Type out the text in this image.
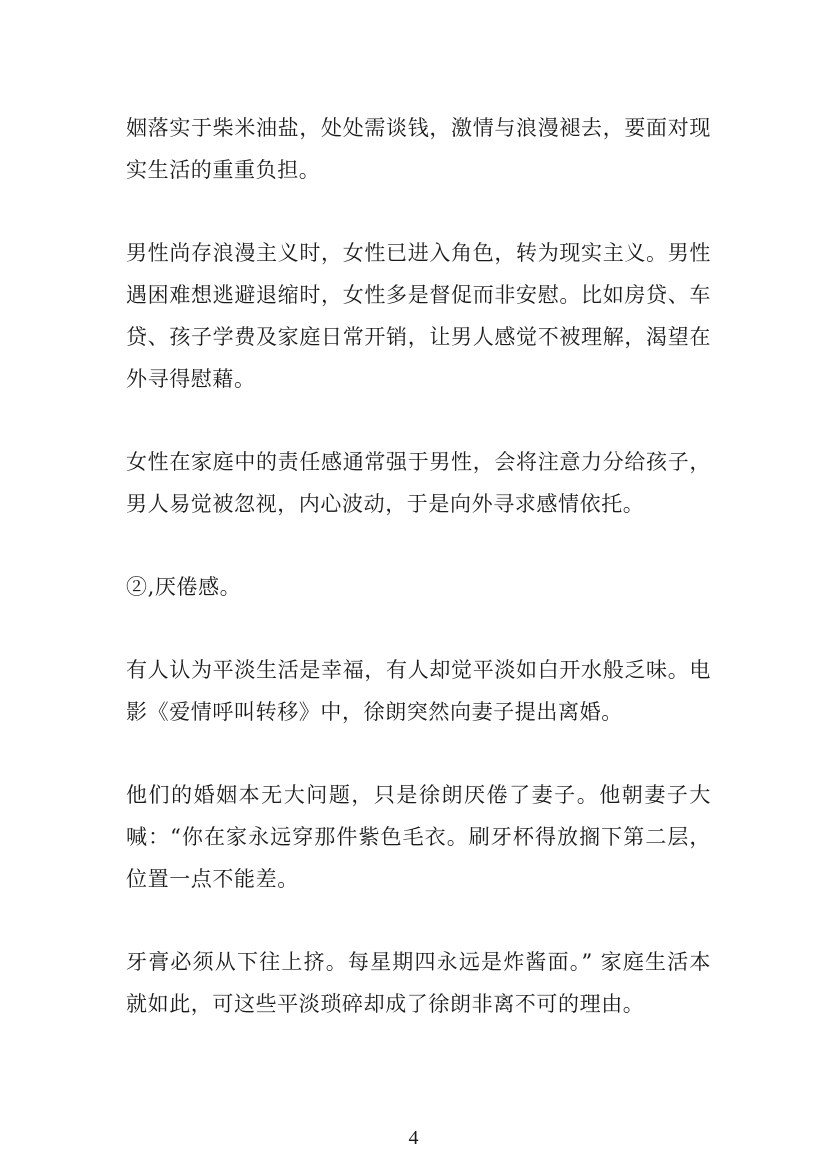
姻落实于柴米油盐，处处需谈钱，激情与浪漫褪去，要面对现实生活的重重负担。

男性尚存浪漫主义时，女性已进入角色，转为现实主义。男性遇困难想逃避退缩时，女性多是督促而非安慰。比如房贷、车贷、孩子学费及家庭日常开销，让男人感觉不被理解，渴望在外寻得慰藉。

女性在家庭中的责任感通常强于男性，会将注意力分给孩子，男人易觉被忽视，内心波动，于是向外寻求感情依托。

②,厌倦感。

有人认为平淡生活是幸福，有人却觉平淡如白开水般乏味。电影《爱情呼叫转移》中，徐朗突然向妻子提出离婚。

他们的婚姻本无大问题，只是徐朗厌倦了妻子。他朝妻子大喊：“你在家永远穿那件紫色毛衣。刷牙杯得放搁下第二层，位置一点不能差。

牙膏必须从下往上挤。每星期四永远是炸酱面。” 家庭生活本就如此，可这些平淡琐碎却成了徐朗非离不可的理由。

4
